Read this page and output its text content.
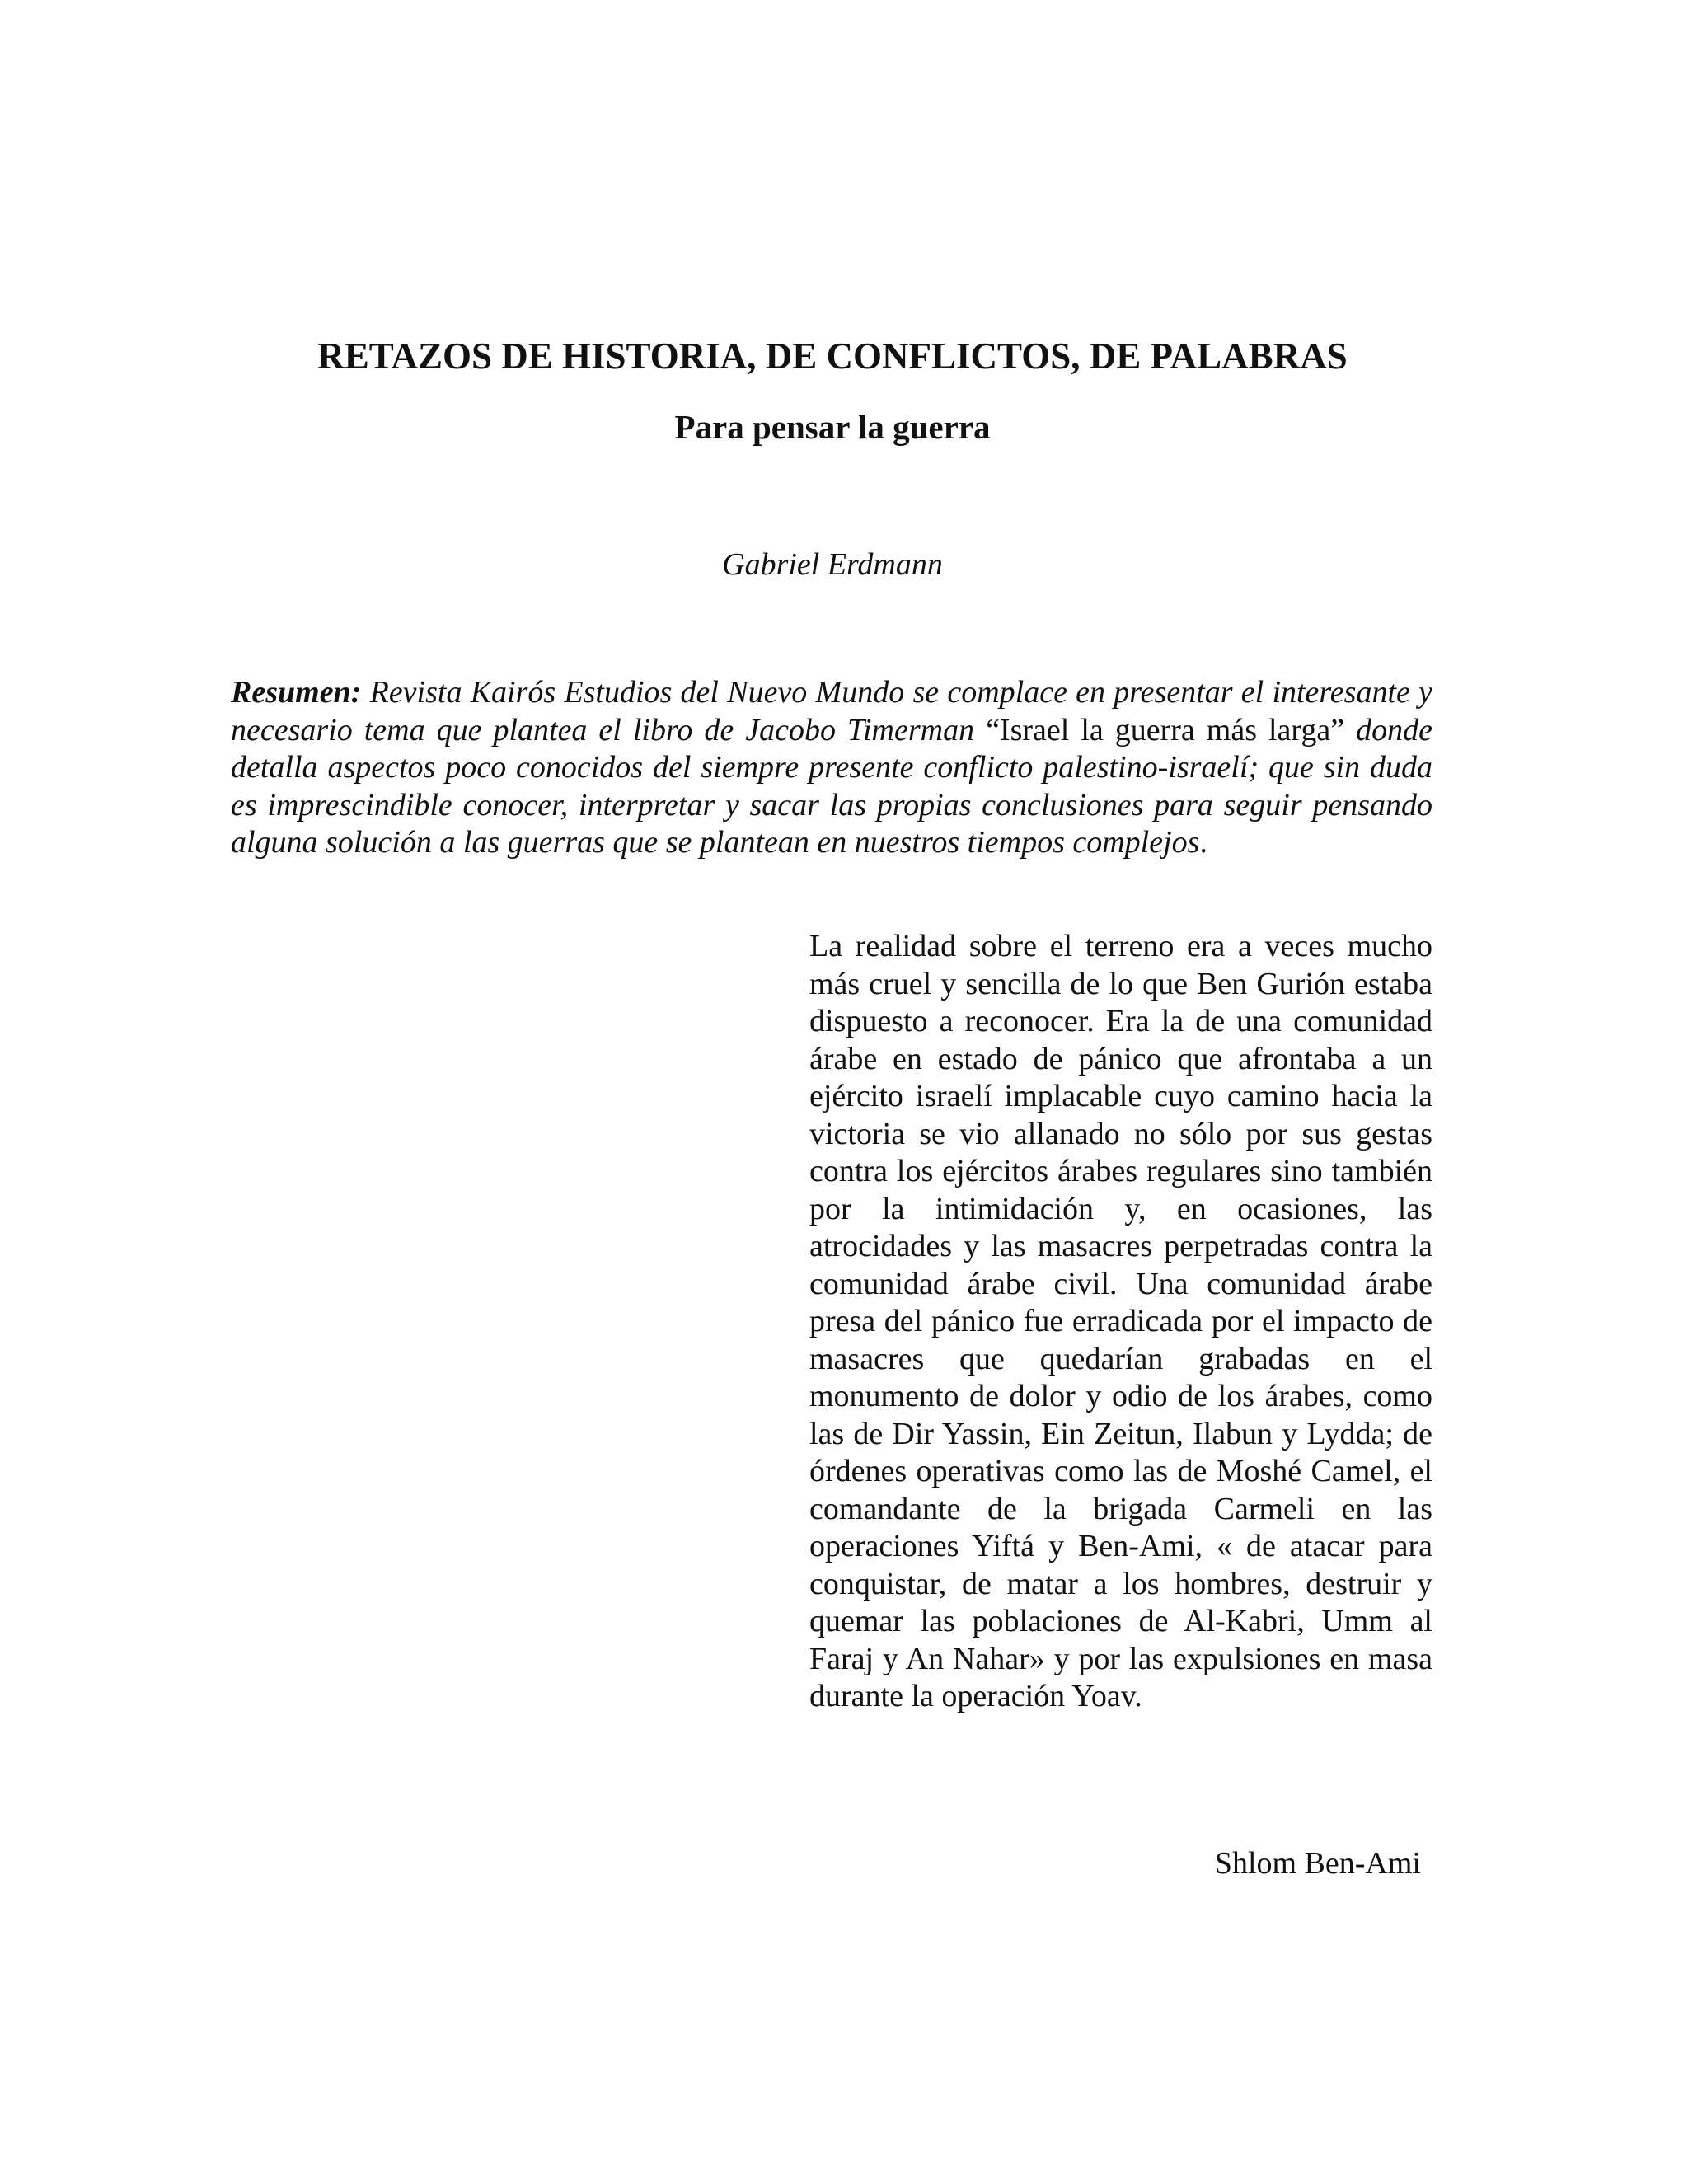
RETAZOS DE HISTORIA, DE CONFLICTOS, DE PALABRAS
Para pensar la guerra

Gabriel Erdmann

Resumen: Revista Kairós Estudios del Nuevo Mundo se complace en presentar el interesante y necesario tema que plantea el libro de Jacobo Timerman “Israel la guerra más larga” donde detalla aspectos poco conocidos del siempre presente conflicto palestino-israelí; que sin duda es imprescindible conocer, interpretar y sacar las propias conclusiones para seguir pensando alguna solución a las guerras que se plantean en nuestros tiempos complejos.

La realidad sobre el terreno era a veces mucho más cruel y sencilla de lo que Ben Gurión estaba dispuesto a reconocer. Era la de una comunidad árabe en estado de pánico que afrontaba a un ejército israelí implacable cuyo camino hacia la victoria se vio allanado no sólo por sus gestas contra los ejércitos árabes regulares sino también por la intimidación y, en ocasiones, las atrocidades y las masacres perpetradas contra la comunidad árabe civil. Una comunidad árabe presa del pánico fue erradicada por el impacto de masacres que quedarían grabadas en el monumento de dolor y odio de los árabes, como las de Dir Yassin, Ein Zeitun, Ilabun y Lydda; de órdenes operativas como las de Moshé Camel, el comandante de la brigada Carmeli en las operaciones Yiftá y Ben-Ami, « de atacar para conquistar, de matar a los hombres, destruir y quemar las poblaciones de Al-Kabri, Umm al Faraj y An Nahar» y por las expulsiones en masa durante la operación Yoav.

Shlom Ben-Ami
